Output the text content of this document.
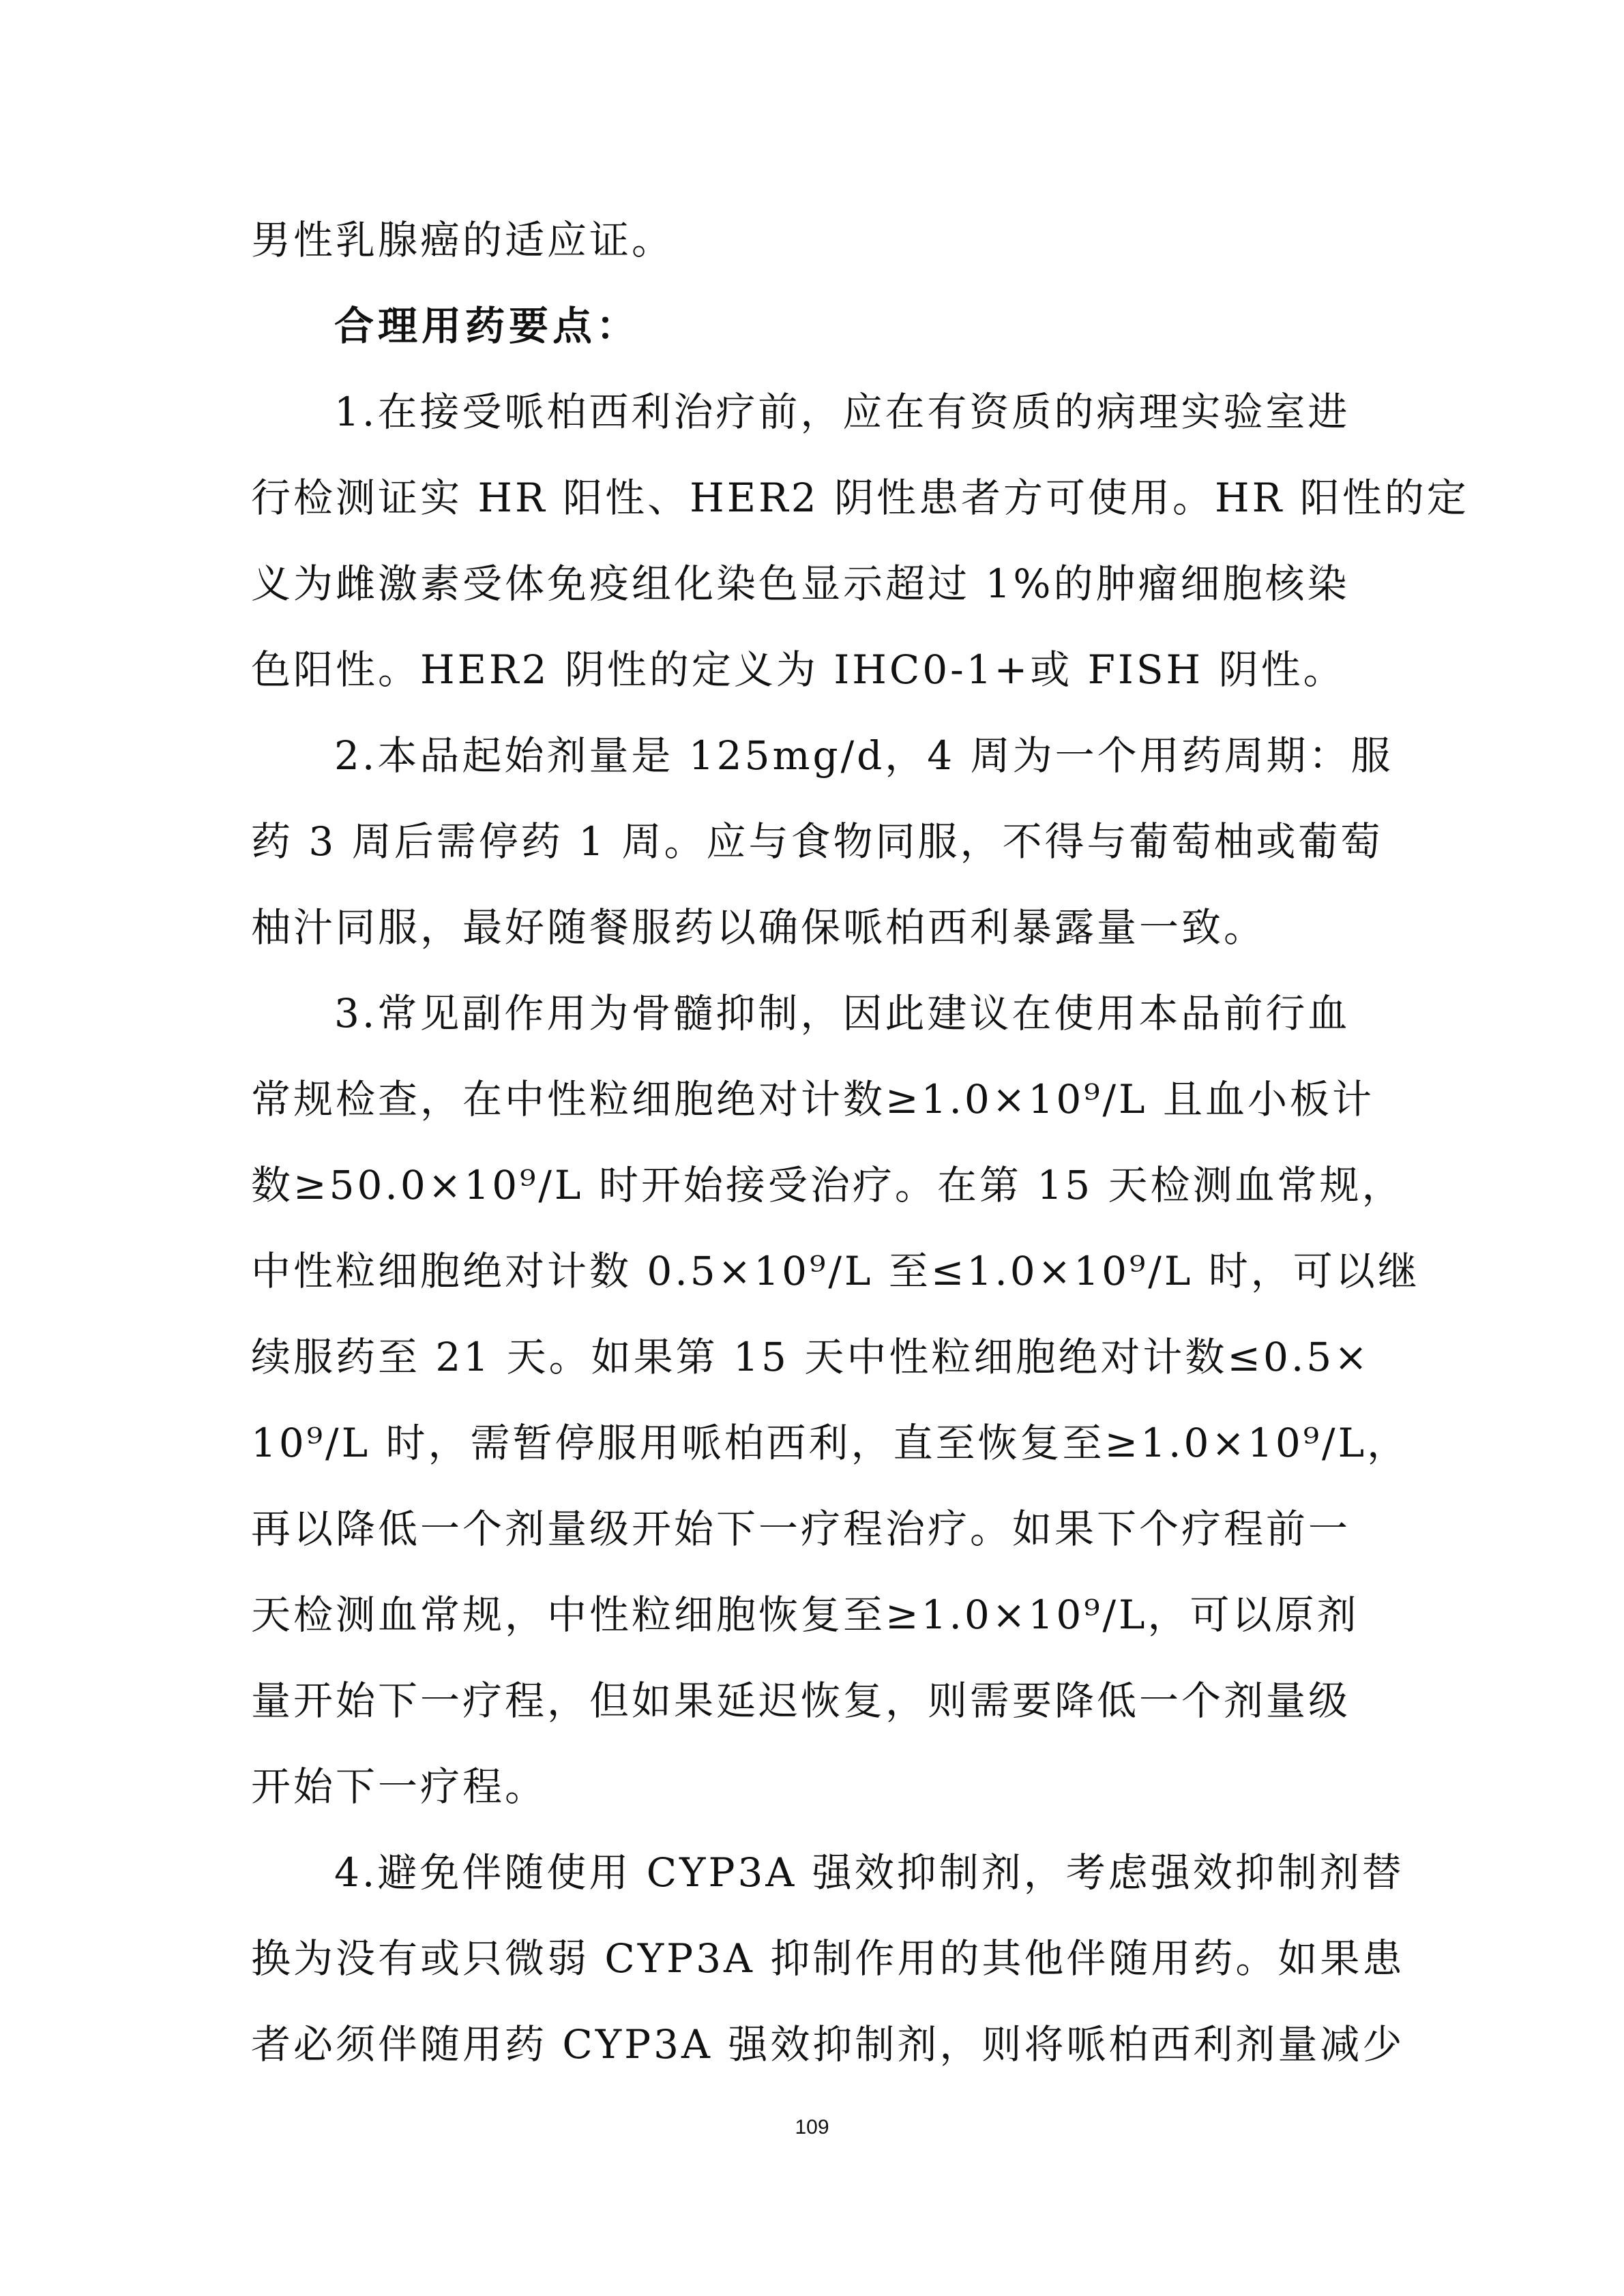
男性乳腺癌的适应证。

合理用药要点：

1.在接受哌柏西利治疗前，应在有资质的病理实验室进

行检测证实 HR 阳性、HER2 阴性患者方可使用。HR 阳性的定

义为雌激素受体免疫组化染色显示超过 1%的肿瘤细胞核染

色阳性。HER2 阴性的定义为 IHC0-1+或 FISH 阴性。

2.本品起始剂量是 125mg/d，4 周为一个用药周期：服

药 3 周后需停药 1 周。应与食物同服，不得与葡萄柚或葡萄

柚汁同服，最好随餐服药以确保哌柏西利暴露量一致。

3.常见副作用为骨髓抑制，因此建议在使用本品前行血

常规检查，在中性粒细胞绝对计数≥1.0×10⁹/L 且血小板计

数≥50.0×10⁹/L 时开始接受治疗。在第 15 天检测血常规，

中性粒细胞绝对计数 0.5×10⁹/L 至≤1.0×10⁹/L 时，可以继

续服药至 21 天。如果第 15 天中性粒细胞绝对计数≤0.5×

10⁹/L 时，需暂停服用哌柏西利，直至恢复至≥1.0×10⁹/L，

再以降低一个剂量级开始下一疗程治疗。如果下个疗程前一

天检测血常规，中性粒细胞恢复至≥1.0×10⁹/L，可以原剂

量开始下一疗程，但如果延迟恢复，则需要降低一个剂量级

开始下一疗程。

4.避免伴随使用 CYP3A 强效抑制剂，考虑强效抑制剂替

换为没有或只微弱 CYP3A 抑制作用的其他伴随用药。如果患

者必须伴随用药 CYP3A 强效抑制剂，则将哌柏西利剂量减少

109
